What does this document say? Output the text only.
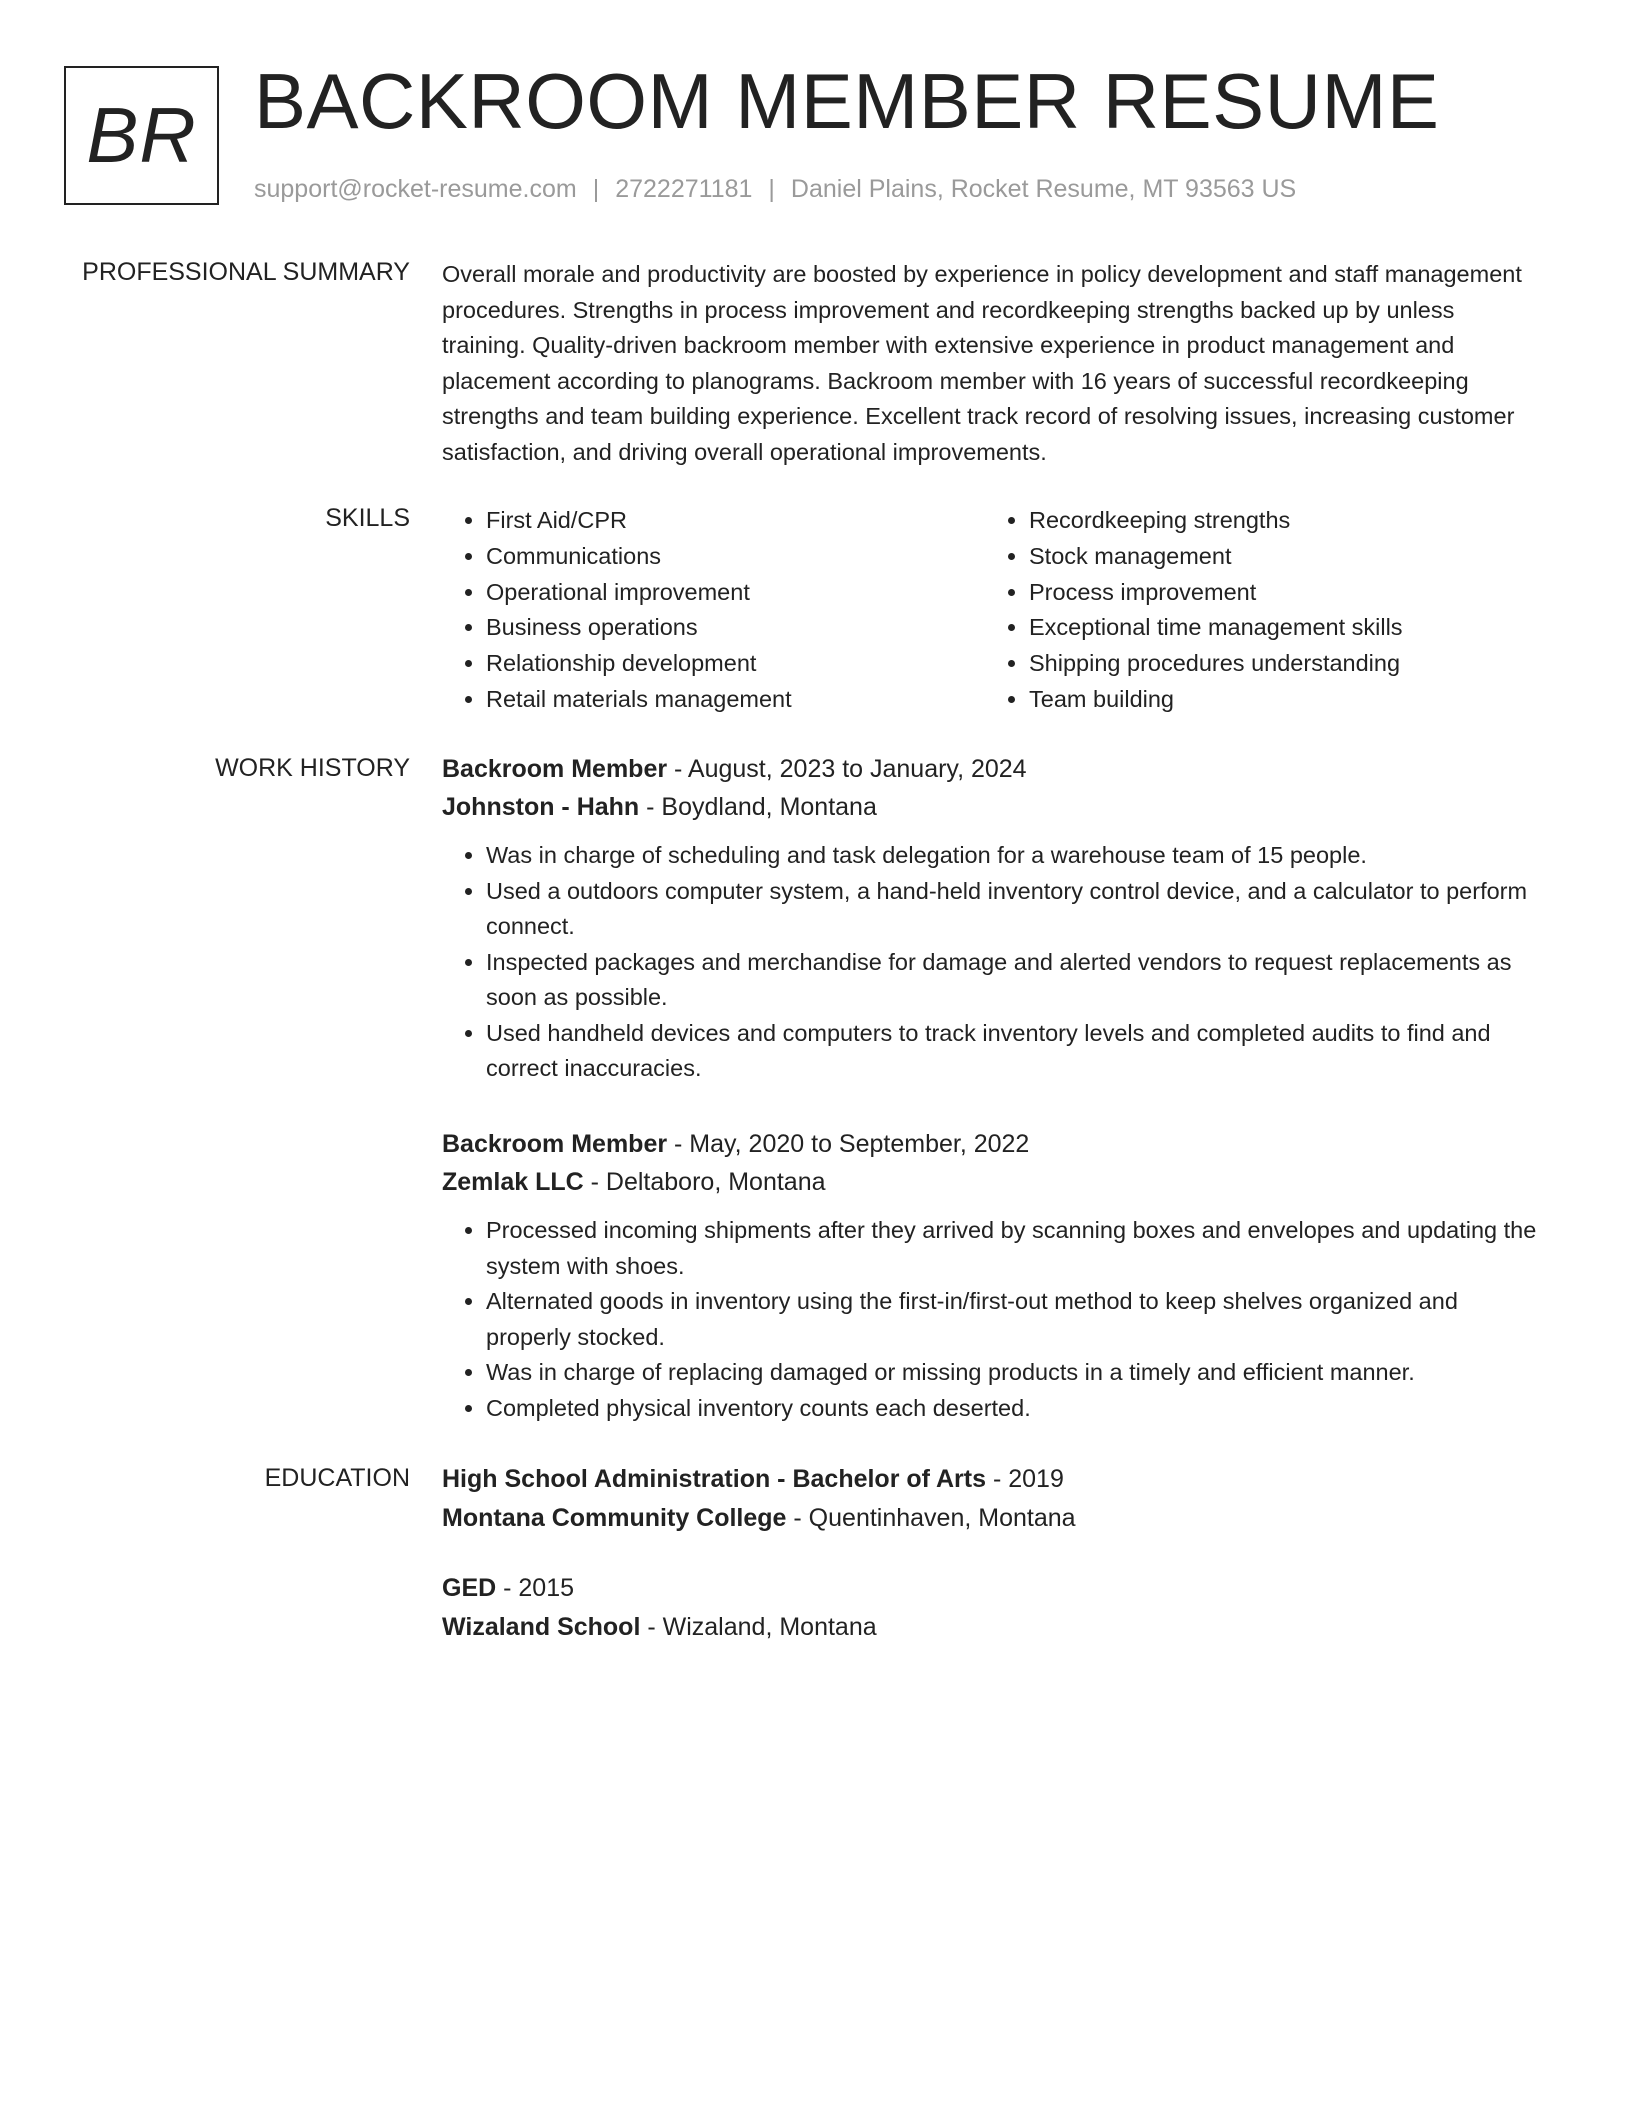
BR BACKROOM MEMBER RESUME
support@rocket-resume.com | 2722271181 | Daniel Plains, Rocket Resume, MT 93563 US
PROFESSIONAL SUMMARY Overall morale and productivity are boosted by experience in policy development and staff management procedures. Strengths in process improvement and recordkeeping strengths backed up by unless training. Quality-driven backroom member with extensive experience in product management and placement according to planograms. Backroom member with 16 years of successful recordkeeping strengths and team building experience. Excellent track record of resolving issues, increasing customer satisfaction, and driving overall operational improvements.

SKILLS
•	First Aid/CPR
• Communications
• Operational improvement
• Business operations
• Relationship development
• Retail materials management
• Recordkeeping strengths
• Stock management
• Process improvement
• Exceptional time management skills
• Shipping procedures understanding
• Team building
WORK HISTORY Backroom Member - August, 2023 to January, 2024
Johnston - Hahn - Boydland, Montana
• Was in charge of scheduling and task delegation for a warehouse team of 15 people.
• Used a outdoors computer system, a hand-held inventory control device, and a calculator to perform connect.
• Inspected packages and merchandise for damage and alerted vendors to request replacements as soon as possible.
• Used handheld devices and computers to track inventory levels and completed audits to find and correct inaccuracies.
Backroom Member - May, 2020 to September, 2022
Zemlak LLC - Deltaboro, Montana
• Processed incoming shipments after they arrived by scanning boxes and envelopes and updating the system with shoes.
• Alternated goods in inventory using the first-in/first-out method to keep shelves organized and properly stocked.
• Was in charge of replacing damaged or missing products in a timely and efficient manner.
• Completed physical inventory counts each deserted.
EDUCATION High School Administration - Bachelor of Arts - 2019
Montana Community College - Quentinhaven, Montana
GED - 2015
Wizaland School - Wizaland, Montana
